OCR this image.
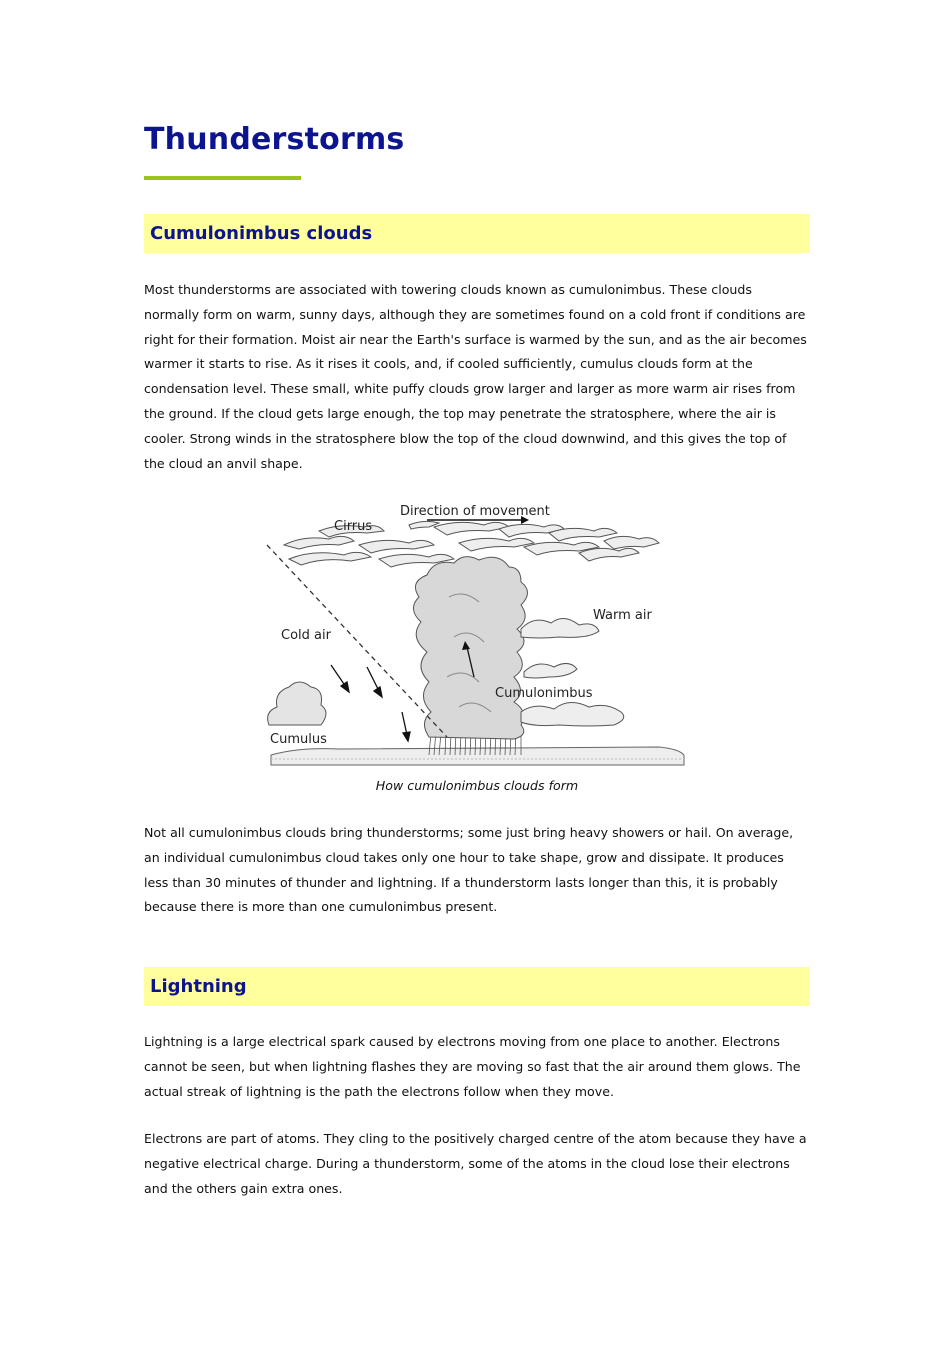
Thunderstorms
Cumulonimbus clouds

Most thunderstorms are associated with towering clouds known as cumulonimbus. These clouds normally form on warm, sunny days, although they are sometimes found on a cold front if conditions are right for their formation. Moist air near the Earth's surface is warmed by the sun, and as the air becomes warmer it starts to rise. As it rises it cools, and, if cooled sufficiently, cumulus clouds form at the condensation level. These small, white puffy clouds grow larger and larger as more warm air rises from the ground. If the cloud gets large enough, the top may penetrate the stratosphere, where the air is cooler. Strong winds in the stratosphere blow the top of the cloud downwind, and this gives the top of the cloud an anvil shape.

Direction of movement
Cirrus
Warm air
Cold air
Cumulonimbus
Cumulus
How cumulonimbus clouds form

Not all cumulonimbus clouds bring thunderstorms; some just bring heavy showers or hail. On average, an individual cumulonimbus cloud takes only one hour to take shape, grow and dissipate. It produces less than 30 minutes of thunder and lightning. If a thunderstorm lasts longer than this, it is probably because there is more than one cumulonimbus present.

Lightning

Lightning is a large electrical spark caused by electrons moving from one place to another. Electrons cannot be seen, but when lightning flashes they are moving so fast that the air around them glows. The actual streak of lightning is the path the electrons follow when they move.

Electrons are part of atoms. They cling to the positively charged centre of the atom because they have a negative electrical charge. During a thunderstorm, some of the atoms in the cloud lose their electrons and the others gain extra ones.
